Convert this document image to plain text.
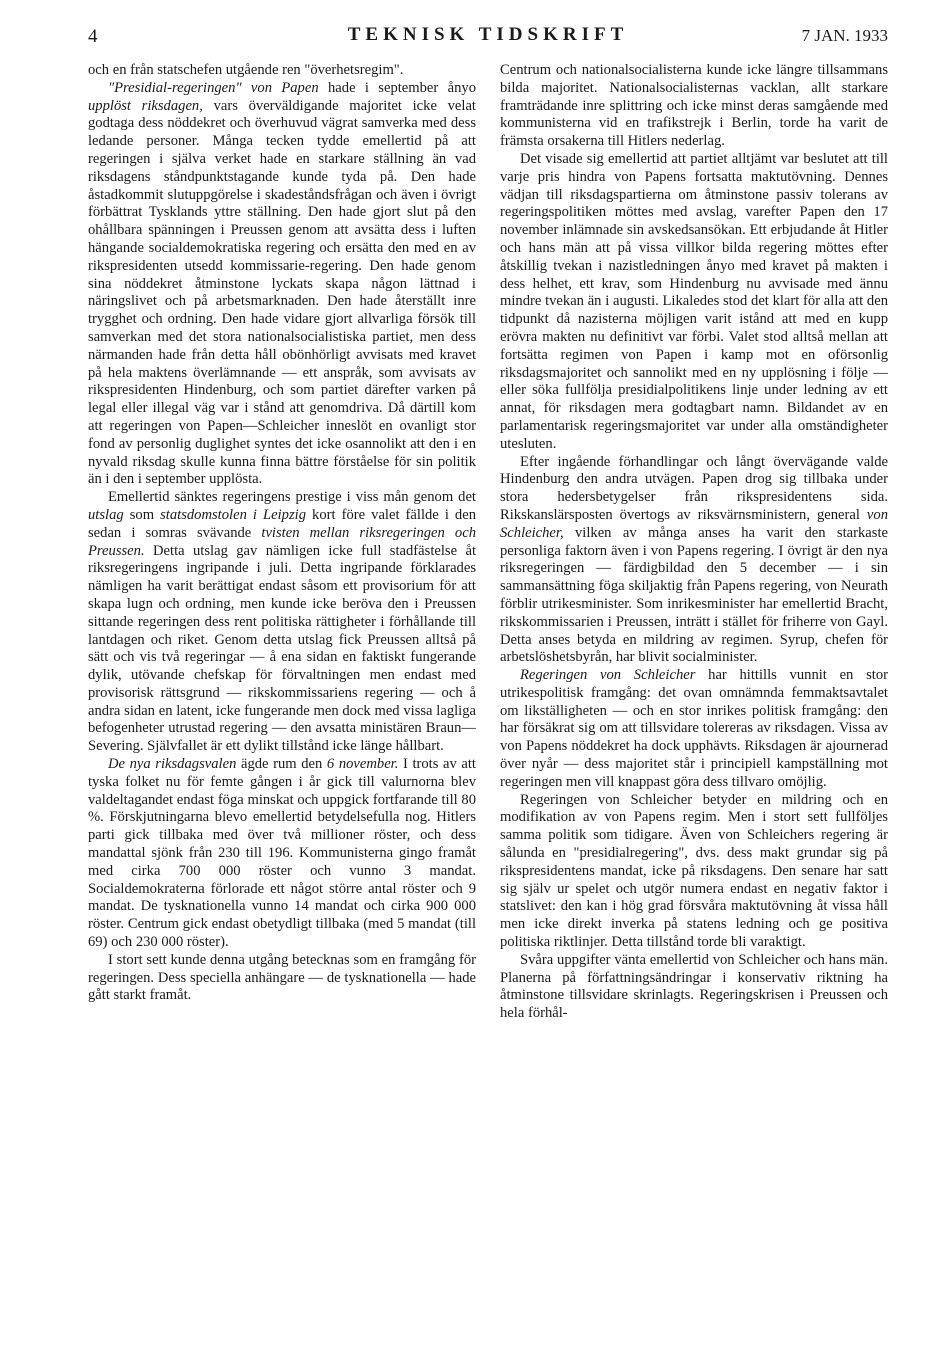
4	TEKNISK TIDSKRIFT	7 JAN. 1933

och en från statschefen utgående ren "överhetsregim".

"Presidial-regeringen" von Papen hade i september ånyo upplöst riksdagen, vars överväldigande majoritet icke velat godtaga dess nöddekret och överhuvud vägrat samverka med dess ledande personer. Många tecken tydde emellertid på att regeringen i själva verket hade en starkare ställning än vad riksdagens ståndpunktstagande kunde tyda på. Den hade åstadkommit slutuppgörelse i skadeståndsfrågan och även i övrigt förbättrat Tysklands yttre ställning. Den hade gjort slut på den ohållbara spänningen i Preussen genom att avsätta dess i luften hängande socialdemokratiska regering och ersätta den med en av rikspresidenten utsedd kommissarie-regering. Den hade genom sina nöddekret åtminstone lyckats skapa någon lättnad i näringslivet och på arbetsmarknaden. Den hade återställt inre trygghet och ordning. Den hade vidare gjort allvarliga försök till samverkan med det stora nationalsocialistiska partiet, men dess närmanden hade från detta håll obönhörligt avvisats med kravet på hela maktens överlämnande — ett anspråk, som avvisats av rikspresidenten Hindenburg, och som partiet därefter varken på legal eller illegal väg var i stånd att genomdriva. Då därtill kom att regeringen von Papen—Schleicher inneslöt en ovanligt stor fond av personlig duglighet syntes det icke osannolikt att den i en nyvald riksdag skulle kunna finna bättre förståelse för sin politik än i den i september upplösta.

Emellertid sänktes regeringens prestige i viss mån genom det utslag som statsdomstolen i Leipzig kort före valet fällde i den sedan i somras svävande tvisten mellan riksregeringen och Preussen. Detta utslag gav nämligen icke full stadfästelse åt riksregeringens ingripande i juli. Detta ingripande förklarades nämligen ha varit berättigat endast såsom ett provisorium för att skapa lugn och ordning, men kunde icke beröva den i Preussen sittande regeringen dess rent politiska rättigheter i förhållande till lantdagen och riket. Genom detta utslag fick Preussen alltså på sätt och vis två regeringar — å ena sidan en faktiskt fungerande dylik, utövande chefskap för förvaltningen men endast med provisorisk rättsgrund — rikskommissariens regering — och å andra sidan en latent, icke fungerande men dock med vissa lagliga befogenheter utrustad regering — den avsatta ministären Braun—Severing. Självfallet är ett dylikt tillstånd icke länge hållbart.

De nya riksdagsvalen ägde rum den 6 november. I trots av att tyska folket nu för femte gången i år gick till valurnorna blev valdeltagandet endast föga minskat och uppgick fortfarande till 80 %. Förskjutningarna blevo emellertid betydelsefulla nog. Hitlers parti gick tillbaka med över två millioner röster, och dess mandattal sjönk från 230 till 196. Kommunisterna gingo framåt med cirka 700 000 röster och vunno 3 mandat. Socialdemokraterna förlorade ett något större antal röster och 9 mandat. De tysknationella vunno 14 mandat och cirka 900 000 röster. Centrum gick endast obetydligt tillbaka (med 5 mandat (till 69) och 230 000 röster).

I stort sett kunde denna utgång betecknas som en framgång för regeringen. Dess speciella anhängare — de tysknationella — hade gått starkt framåt.

Centrum och nationalsocialisterna kunde icke längre tillsammans bilda majoritet. Nationalsocialisternas vacklan, allt starkare framträdande inre splittring och icke minst deras samgående med kommunisterna vid en trafikstrejk i Berlin, torde ha varit de främsta orsakerna till Hitlers nederlag.

Det visade sig emellertid att partiet alltjämt var beslutet att till varje pris hindra von Papens fortsatta maktutövning. Dennes vädjan till riksdagspartierna om åtminstone passiv tolerans av regeringspolitiken möttes med avslag, varefter Papen den 17 november inlämnade sin avskedsansökan. Ett erbjudande åt Hitler och hans män att på vissa villkor bilda regering möttes efter åtskillig tvekan i nazistledningen ånyo med kravet på makten i dess helhet, ett krav, som Hindenburg nu avvisade med ännu mindre tvekan än i augusti. Likaledes stod det klart för alla att den tidpunkt då nazisterna möjligen varit istånd att med en kupp erövra makten nu definitivt var förbi. Valet stod alltså mellan att fortsätta regimen von Papen i kamp mot en oförsonlig riksdagsmajoritet och sannolikt med en ny upplösning i följe — eller söka fullfölja presidialpolitikens linje under ledning av ett annat, för riksdagen mera godtagbart namn. Bildandet av en parlamentarisk regeringsmajoritet var under alla omständigheter utesluten.

Efter ingående förhandlingar och långt övervägande valde Hindenburg den andra utvägen. Papen drog sig tillbaka under stora hedersbetygelser från rikspresidentens sida. Rikskanslärsposten övertogs av riksvärnsministern, general von Schleicher, vilken av många anses ha varit den starkaste personliga faktorn även i von Papens regering. I övrigt är den nya riksregeringen — färdigbildad den 5 december — i sin sammansättning föga skiljaktig från Papens regering, von Neurath förblir utrikesminister. Som inrikesminister har emellertid Bracht, rikskommissarien i Preussen, inträtt i stället för friherre von Gayl. Detta anses betyda en mildring av regimen. Syrup, chefen för arbetslöshetsbyrån, har blivit socialminister.

Regeringen von Schleicher har hittills vunnit en stor utrikespolitisk framgång: det ovan omnämnda femmaktsavtalet om likställigheten — och en stor inrikes politisk framgång: den har försäkrat sig om att tillsvidare tolereras av riksdagen. Vissa av von Papens nöddekret ha dock upphävts. Riksdagen är ajournerad över nyår — dess majoritet står i principiell kampställning mot regeringen men vill knappast göra dess tillvaro omöjlig.

Regeringen von Schleicher betyder en mildring och en modifikation av von Papens regim. Men i stort sett fullföljes samma politik som tidigare. Även von Schleichers regering är sålunda en "presidialregering", dvs. dess makt grundar sig på rikspresidentens mandat, icke på riksdagens. Den senare har satt sig själv ur spelet och utgör numera endast en negativ faktor i statslivet: den kan i hög grad försvåra maktutövning åt vissa håll men icke direkt inverka på statens ledning och ge positiva politiska riktlinjer. Detta tillstånd torde bli varaktigt.

Svåra uppgifter vänta emellertid von Schleicher och hans män. Planerna på författningsändringar i konservativ riktning ha åtminstone tillsvidare skrinlagts. Regeringskrisen i Preussen och hela förhål-
